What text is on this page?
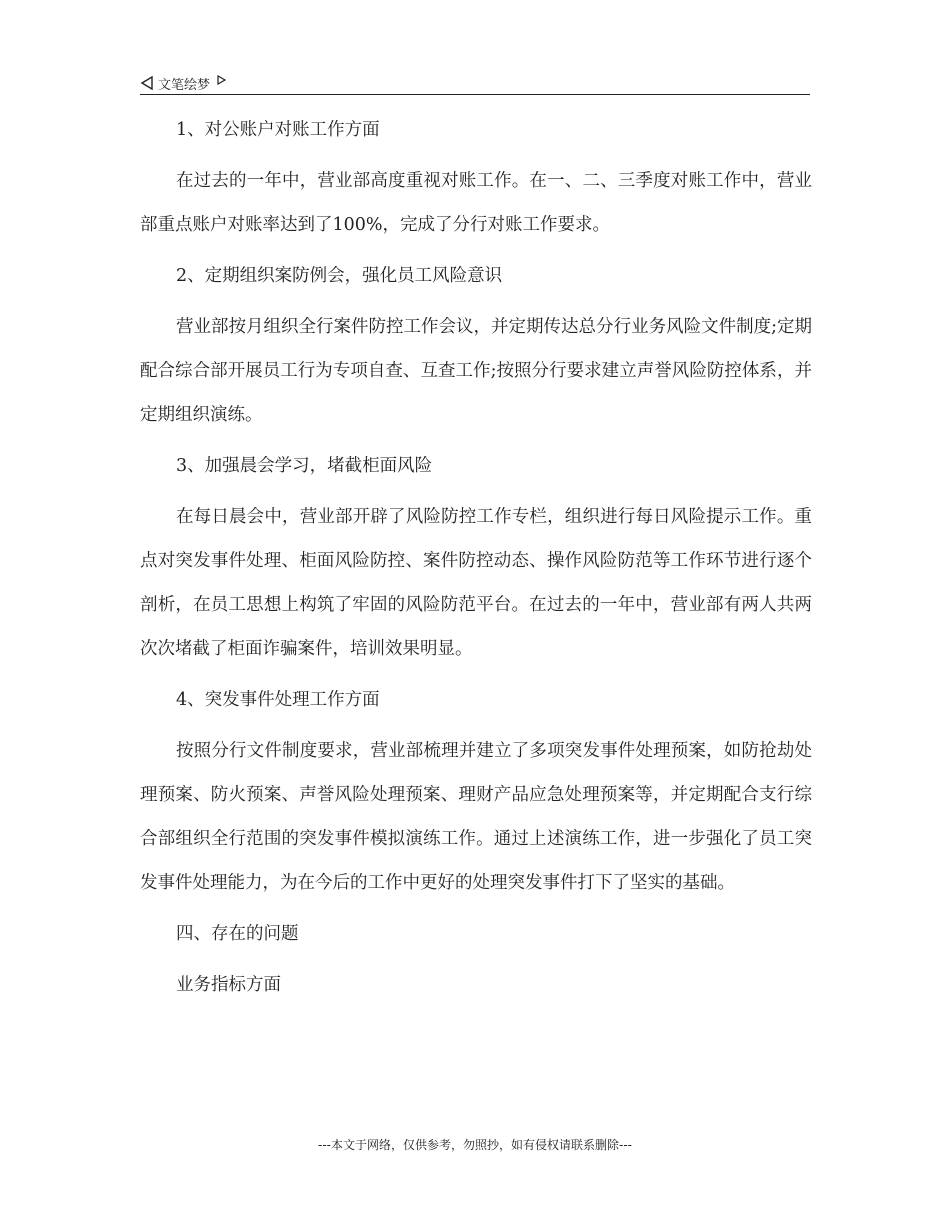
文笔绘梦

1、对公账户对账工作方面

在过去的一年中，营业部高度重视对账工作。在一、二、三季度对账工作中，营业部重点账户对账率达到了100%，完成了分行对账工作要求。

2、定期组织案防例会，强化员工风险意识

营业部按月组织全行案件防控工作会议，并定期传达总分行业务风险文件制度;定期配合综合部开展员工行为专项自查、互查工作;按照分行要求建立声誉风险防控体系，并定期组织演练。

3、加强晨会学习，堵截柜面风险

在每日晨会中，营业部开辟了风险防控工作专栏，组织进行每日风险提示工作。重点对突发事件处理、柜面风险防控、案件防控动态、操作风险防范等工作环节进行逐个剖析，在员工思想上构筑了牢固的风险防范平台。在过去的一年中，营业部有两人共两次次堵截了柜面诈骗案件，培训效果明显。

4、突发事件处理工作方面

按照分行文件制度要求，营业部梳理并建立了多项突发事件处理预案，如防抢劫处理预案、防火预案、声誉风险处理预案、理财产品应急处理预案等，并定期配合支行综合部组织全行范围的突发事件模拟演练工作。通过上述演练工作，进一步强化了员工突发事件处理能力，为在今后的工作中更好的处理突发事件打下了坚实的基础。

四、存在的问题

业务指标方面

---本文于网络，仅供参考，勿照抄，如有侵权请联系删除---
